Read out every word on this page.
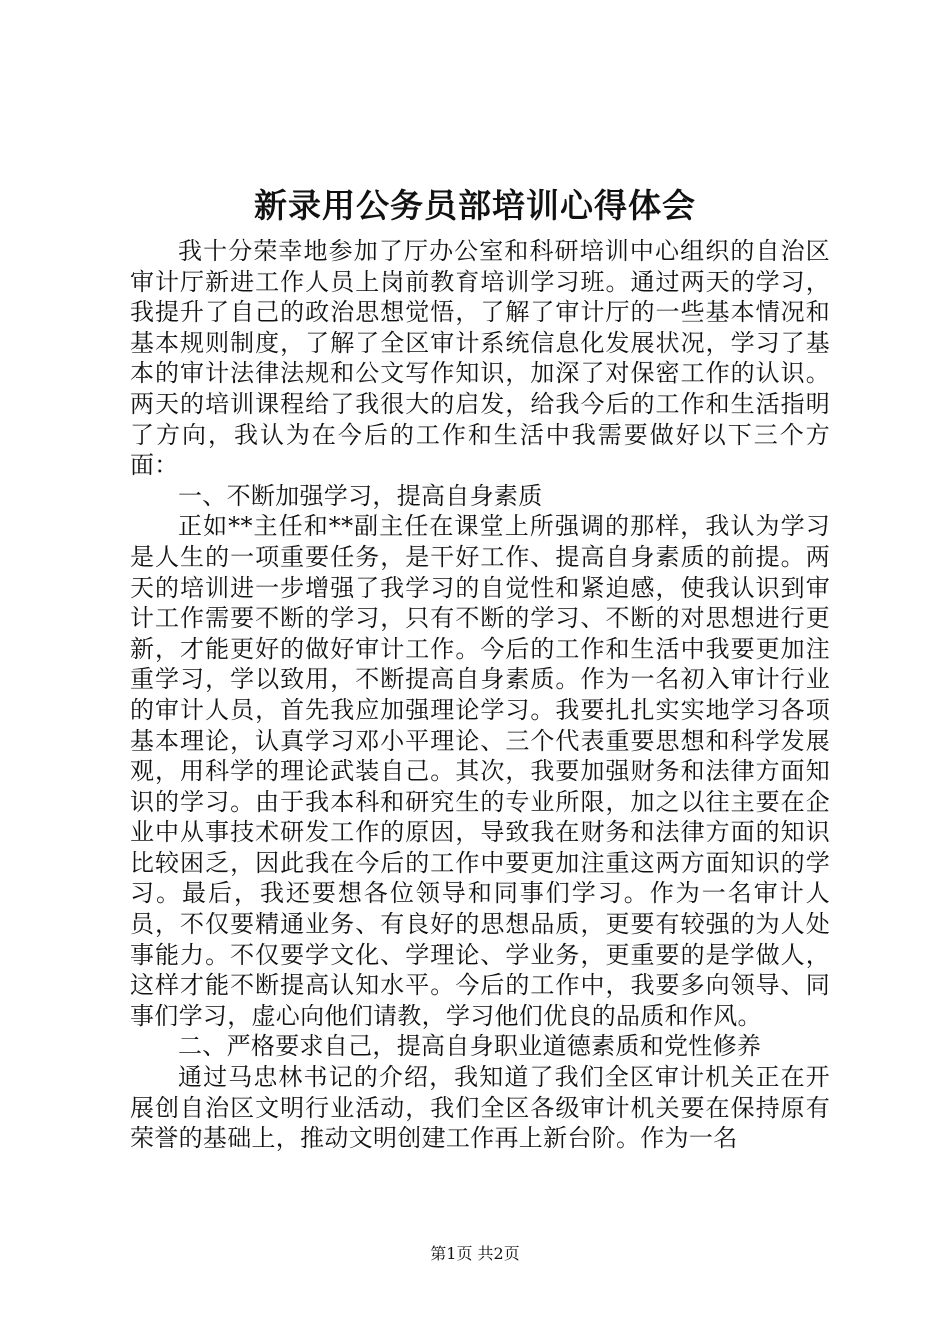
新录用公务员部培训心得体会

我十分荣幸地参加了厅办公室和科研培训中心组织的自治区审计厅新进工作人员上岗前教育培训学习班。通过两天的学习，我提升了自己的政治思想觉悟，了解了审计厅的一些基本情况和基本规则制度，了解了全区审计系统信息化发展状况，学习了基本的审计法律法规和公文写作知识，加深了对保密工作的认识。两天的培训课程给了我很大的启发，给我今后的工作和生活指明了方向，我认为在今后的工作和生活中我需要做好以下三个方面：

一、不断加强学习，提高自身素质

正如**主任和**副主任在课堂上所强调的那样，我认为学习是人生的一项重要任务，是干好工作、提高自身素质的前提。两天的培训进一步增强了我学习的自觉性和紧迫感，使我认识到审计工作需要不断的学习，只有不断的学习、不断的对思想进行更新，才能更好的做好审计工作。今后的工作和生活中我要更加注重学习，学以致用，不断提高自身素质。作为一名初入审计行业的审计人员，首先我应加强理论学习。我要扎扎实实地学习各项基本理论，认真学习邓小平理论、三个代表重要思想和科学发展观，用科学的理论武装自己。其次，我要加强财务和法律方面知识的学习。由于我本科和研究生的专业所限，加之以往主要在企业中从事技术研发工作的原因，导致我在财务和法律方面的知识比较困乏，因此我在今后的工作中要更加注重这两方面知识的学习。最后，我还要想各位领导和同事们学习。作为一名审计人员，不仅要精通业务、有良好的思想品质，更要有较强的为人处事能力。不仅要学文化、学理论、学业务，更重要的是学做人，这样才能不断提高认知水平。今后的工作中，我要多向领导、同事们学习，虚心向他们请教，学习他们优良的品质和作风。

二、严格要求自己，提高自身职业道德素质和党性修养

通过马忠林书记的介绍，我知道了我们全区审计机关正在开展创自治区文明行业活动，我们全区各级审计机关要在保持原有荣誉的基础上，推动文明创建工作再上新台阶。作为一名

第1页 共2页
